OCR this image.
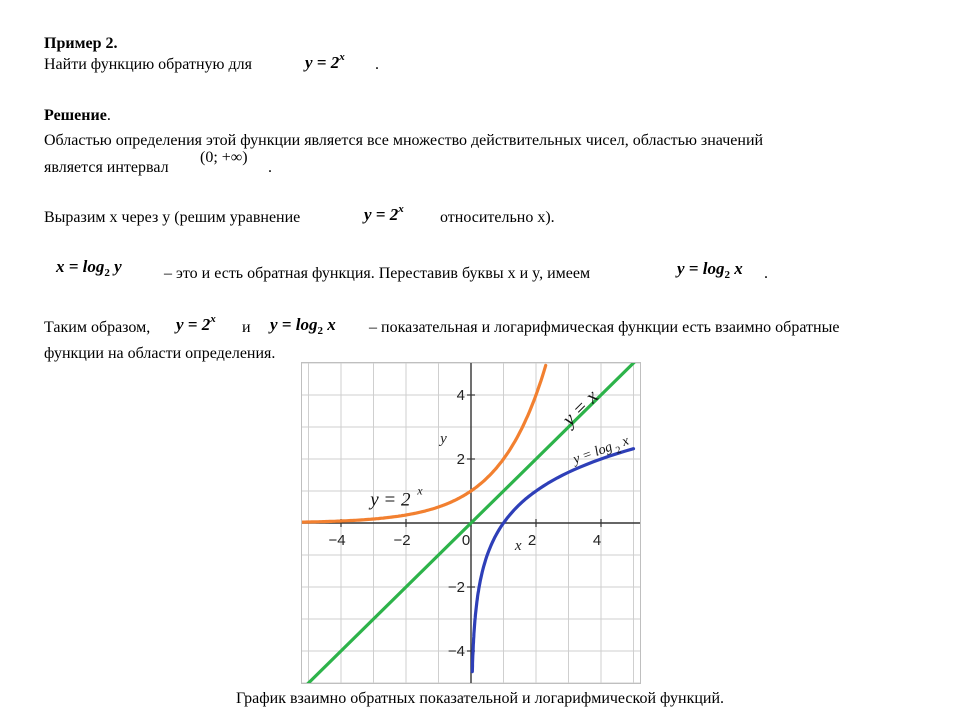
Пример 2.
Найти функцию обратную для	$y = 2^x$ .
Решение.
Областью определения этой функции является все множество действительных чисел, областью значений
является интервал
(0; +∞)
.
Выразим x через y (решим уравнение	$y = 2^x$ относительно x).
$x = \log_2 y$	– это и есть обратная функция. Переставив буквы x и y, имеем	$y = \log_2 x$ .
Таким образом, $y = 2^x$ и $y = \log_2 x$ – показательная и логарифмическая функции есть взаимно обратные
функции на области определения.
−4	−2	0	2	4
−4
−2
2
4
x
y
y = 2 x
y = x
y = log 2
x
График взаимно обратных показательной и логарифмической функций.
